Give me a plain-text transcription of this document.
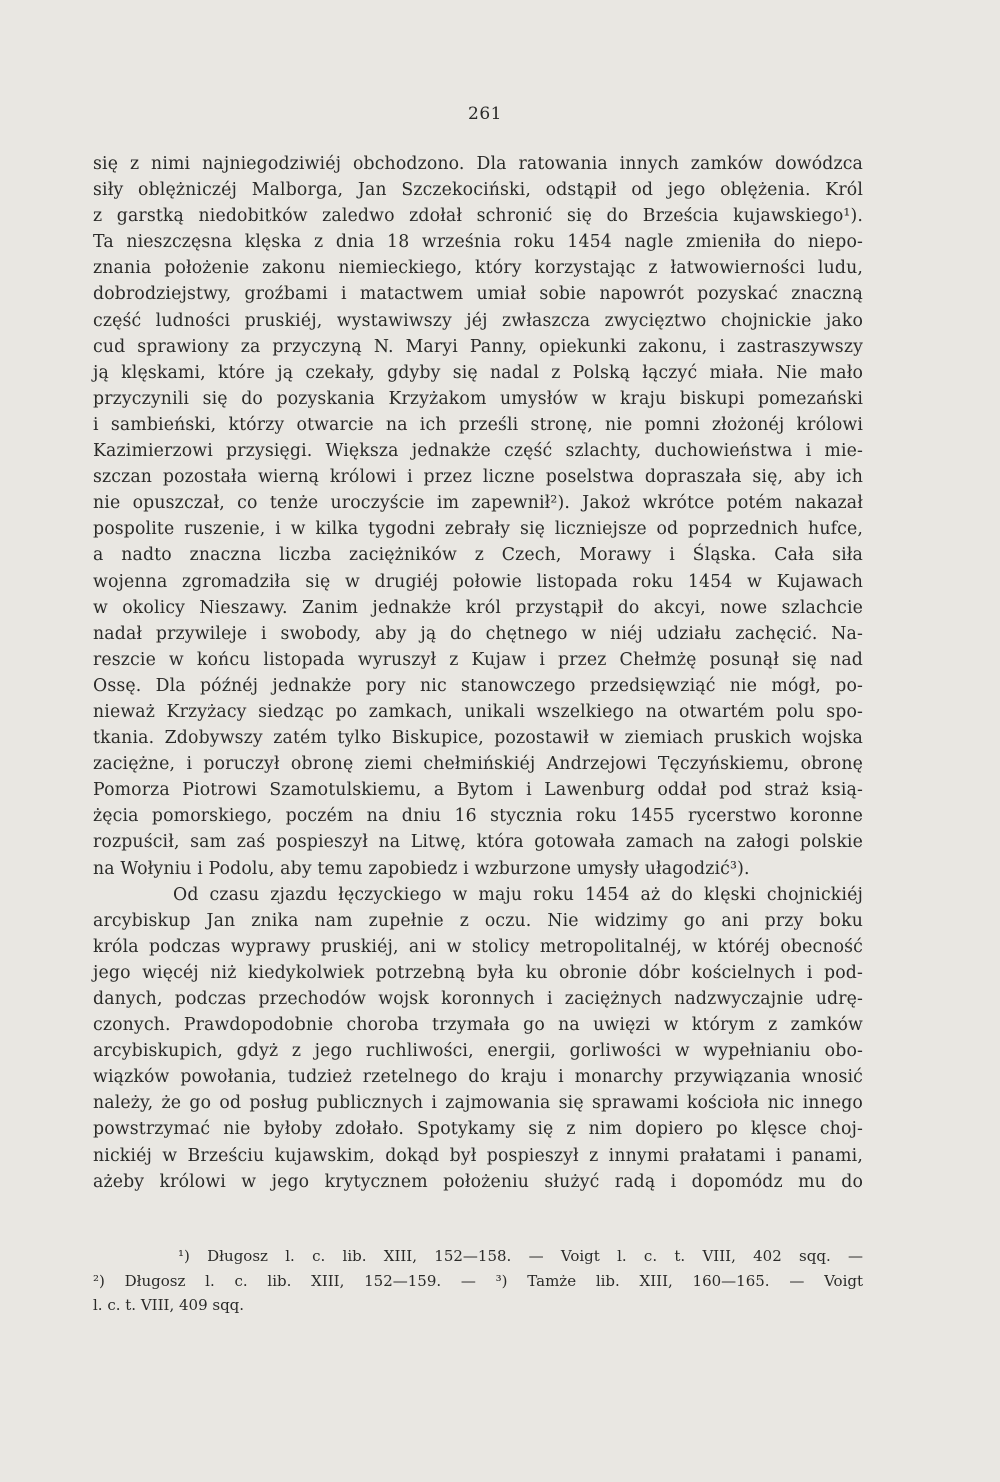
261
się z nimi najniegodziwiéj obchodzono. Dla ratowania innych zamków dowódzca
siły oblężniczéj Malborga, Jan Szczekociński, odstąpił od jego oblężenia. Król
z garstką niedobitków zaledwo zdołał schronić się do Brześcia kujawskiego¹).
Ta nieszczęsna klęska z dnia 18 września roku 1454 nagle zmieniła do niepo-
znania położenie zakonu niemieckiego, który korzystając z łatwowierności ludu,
dobrodziejstwy, groźbami i matactwem umiał sobie napowrót pozyskać znaczną
część ludności pruskiéj, wystawiwszy jéj zwłaszcza zwycięztwo chojnickie jako
cud sprawiony za przyczyną N. Maryi Panny, opiekunki zakonu, i zastraszywszy
ją klęskami, które ją czekały, gdyby się nadal z Polską łączyć miała. Nie mało
przyczynili się do pozyskania Krzyżakom umysłów w kraju biskupi pomezański
i sambieński, którzy otwarcie na ich prześli stronę, nie pomni złożonéj królowi
Kazimierzowi przysięgi. Większa jednakże część szlachty, duchowieństwa i mie-
szczan pozostała wierną królowi i przez liczne poselstwa dopraszała się, aby ich
nie opuszczał, co tenże uroczyście im zapewnił²). Jakoż wkrótce potém nakazał
pospolite ruszenie, i w kilka tygodni zebrały się liczniejsze od poprzednich hufce,
a nadto znaczna liczba zaciężników z Czech, Morawy i Śląska. Cała siła
wojenna zgromadziła się w drugiéj połowie listopada roku 1454 w Kujawach
w okolicy Nieszawy. Zanim jednakże król przystąpił do akcyi, nowe szlachcie
nadał przywileje i swobody, aby ją do chętnego w niéj udziału zachęcić. Na-
reszcie w końcu listopada wyruszył z Kujaw i przez Chełmżę posunął się nad
Ossę. Dla późnéj jednakże pory nic stanowczego przedsięwziąć nie mógł, po-
nieważ Krzyżacy siedząc po zamkach, unikali wszelkiego na otwartém polu spo-
tkania. Zdobywszy zatém tylko Biskupice, pozostawił w ziemiach pruskich wojska
zaciężne, i poruczył obronę ziemi chełmińskiéj Andrzejowi Tęczyńskiemu, obronę
Pomorza Piotrowi Szamotulskiemu, a Bytom i Lawenburg oddał pod straż ksią-
żęcia pomorskiego, poczém na dniu 16 stycznia roku 1455 rycerstwo koronne
rozpuścił, sam zaś pospieszył na Litwę, która gotowała zamach na załogi polskie
na Wołyniu i Podolu, aby temu zapobiedz i wzburzone umysły ułagodzić³).
Od czasu zjazdu łęczyckiego w maju roku 1454 aż do klęski chojnickiéj
arcybiskup Jan znika nam zupełnie z oczu. Nie widzimy go ani przy boku
króla podczas wyprawy pruskiéj, ani w stolicy metropolitalnéj, w któréj obecność
jego więcéj niż kiedykolwiek potrzebną była ku obronie dóbr kościelnych i pod-
danych, podczas przechodów wojsk koronnych i zaciężnych nadzwyczajnie udrę-
czonych. Prawdopodobnie choroba trzymała go na uwięzi w którym z zamków
arcybiskupich, gdyż z jego ruchliwości, energii, gorliwości w wypełnianiu obo-
wiązków powołania, tudzież rzetelnego do kraju i monarchy przywiązania wnosić
należy, że go od posług publicznych i zajmowania się sprawami kościoła nic innego
powstrzymać nie byłoby zdołało. Spotykamy się z nim dopiero po klęsce choj-
nickiéj w Brześciu kujawskim, dokąd był pospieszył z innymi prałatami i panami,
ażeby królowi w jego krytycznem położeniu służyć radą i dopomódz mu do
¹) Długosz l. c. lib. XIII, 152—158. — Voigt l. c. t. VIII, 402 sqq. —
²) Długosz l. c. lib. XIII, 152—159. — ³) Tamże lib. XIII, 160—165. — Voigt
l. c. t. VIII, 409 sqq.
